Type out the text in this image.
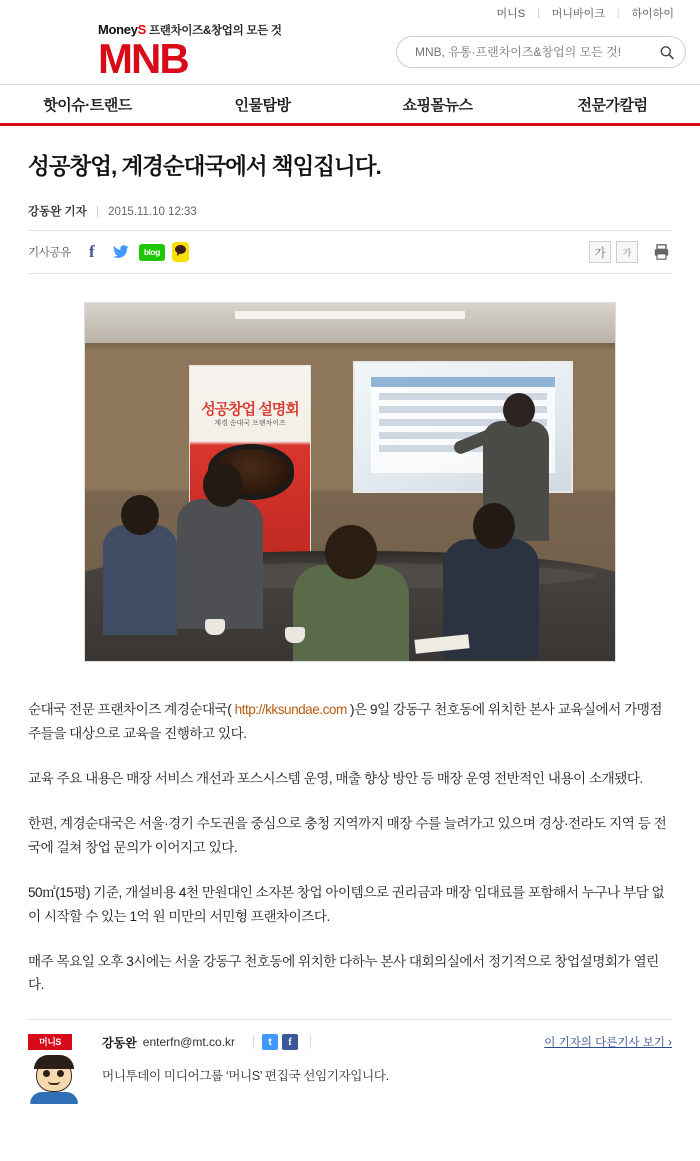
머니S	|	머니바이크	|	하이하이
MoneyS 프랜차이즈&창업의 모든 것
MNB
MNB, 유통·프랜차이즈&창업의 모든 것!
핫이슈·트랜드	인물탐방	쇼핑몰뉴스	전문가칼럼
성공창업, 계경순대국에서 책임집니다.
강동완 기자 | 2015.11.10 12:33
기사공유	f	blog	가	가
성공창업 설명회
계경 순대국 프랜차이즈

순대국 전문 프랜차이즈 계경순대국( http://kksundae.com )은 9일 강동구 천호동에 위치한 본사 교육실에서 가맹점주들을 대상으로 교육을 진행하고 있다.

교육 주요 내용은 매장 서비스 개선과 포스시스템 운영, 매출 향상 방안 등 매장 운영 전반적인 내용이 소개됐다.

한편, 계경순대국은 서울·경기 수도권을 중심으로 충청 지역까지 매장 수를 늘려가고 있으며 경상·전라도 지역 등 전국에 걸쳐 창업 문의가 이어지고 있다.

50㎡(15평) 기준, 개설비용 4천 만원대인 소자본 창업 아이템으로 권리금과 매장 임대료를 포함해서 누구나 부담 없이 시작할 수 있는 1억 원 미만의 서민형 프랜차이즈다.

매주 목요일 오후 3시에는 서울 강동구 천호동에 위치한 다하누 본사 대회의실에서 정기적으로 창업설명회가 열린다.

머니S	강동완 enterfn@mt.co.kr	t	f
머니투데이 미디어그룹 ‘머니S’ 편집국 선임기자입니다.
이 기자의 다른기사 보기 ›
